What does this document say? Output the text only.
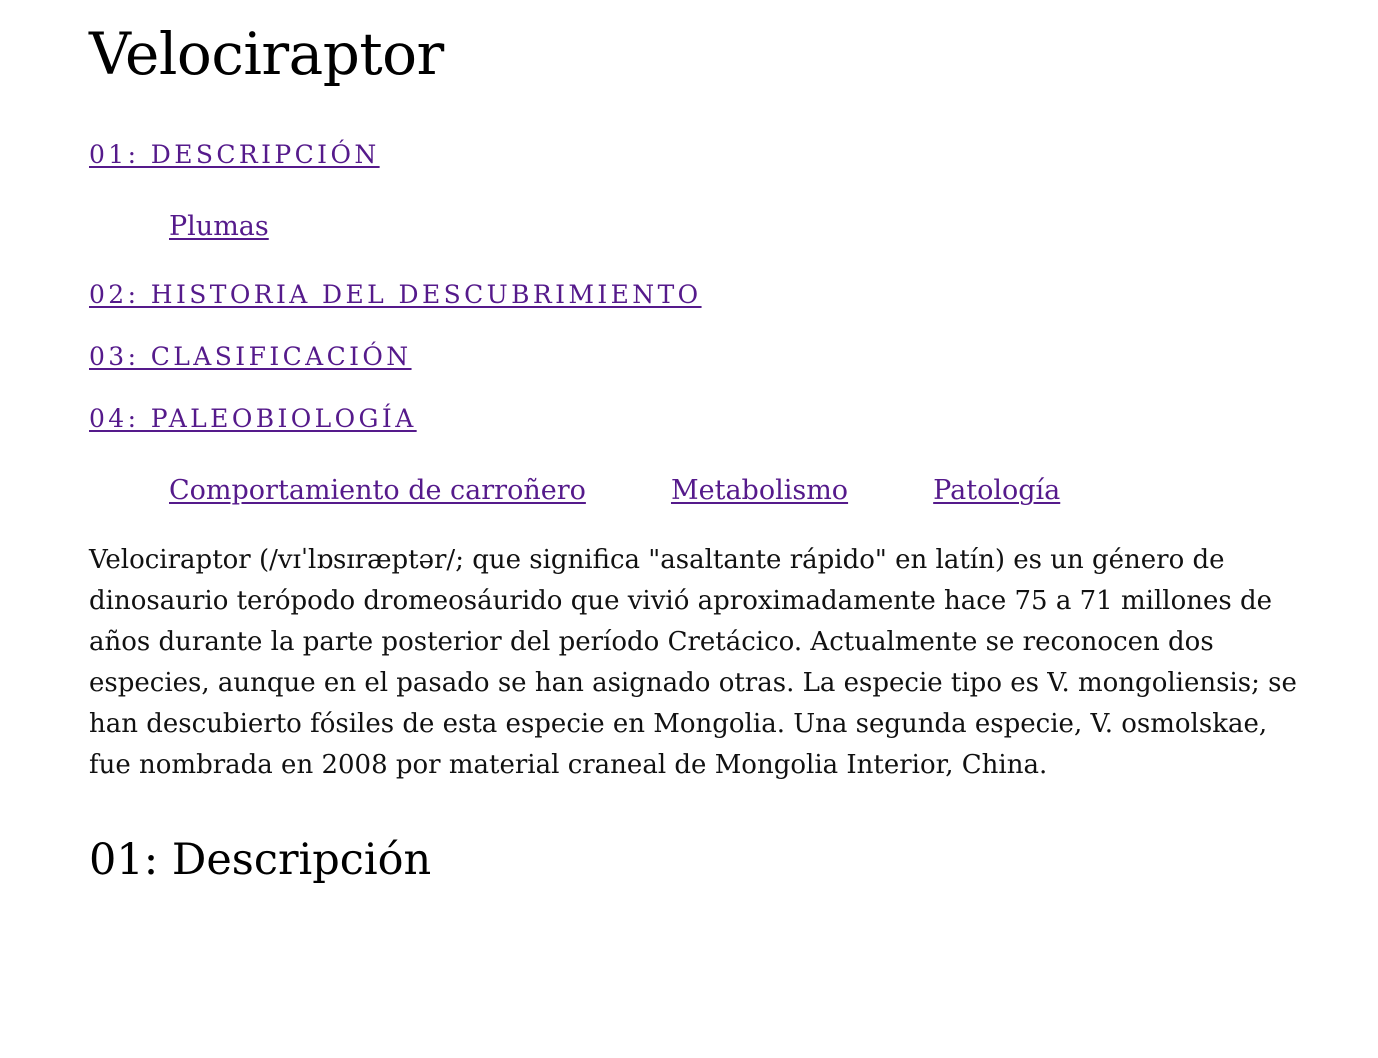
Velociraptor
01: DESCRIPCIÓN
Plumas
02: HISTORIA DEL DESCUBRIMIENTO
03: CLASIFICACIÓN
04: PALEOBIOLOGÍA
Comportamiento de carroñero	Metabolismo	Patología

Velociraptor (/vɪˈlɒsɪræptər/; que significa "asaltante rápido" en latín) es un género de dinosaurio terópodo dromeosáurido que vivió aproximadamente hace 75 a 71 millones de años durante la parte posterior del período Cretácico. Actualmente se reconocen dos especies, aunque en el pasado se han asignado otras. La especie tipo es V. mongoliensis; se han descubierto fósiles de esta especie en Mongolia. Una segunda especie, V. osmolskae, fue nombrada en 2008 por material craneal de Mongolia Interior, China.

01: Descripción
